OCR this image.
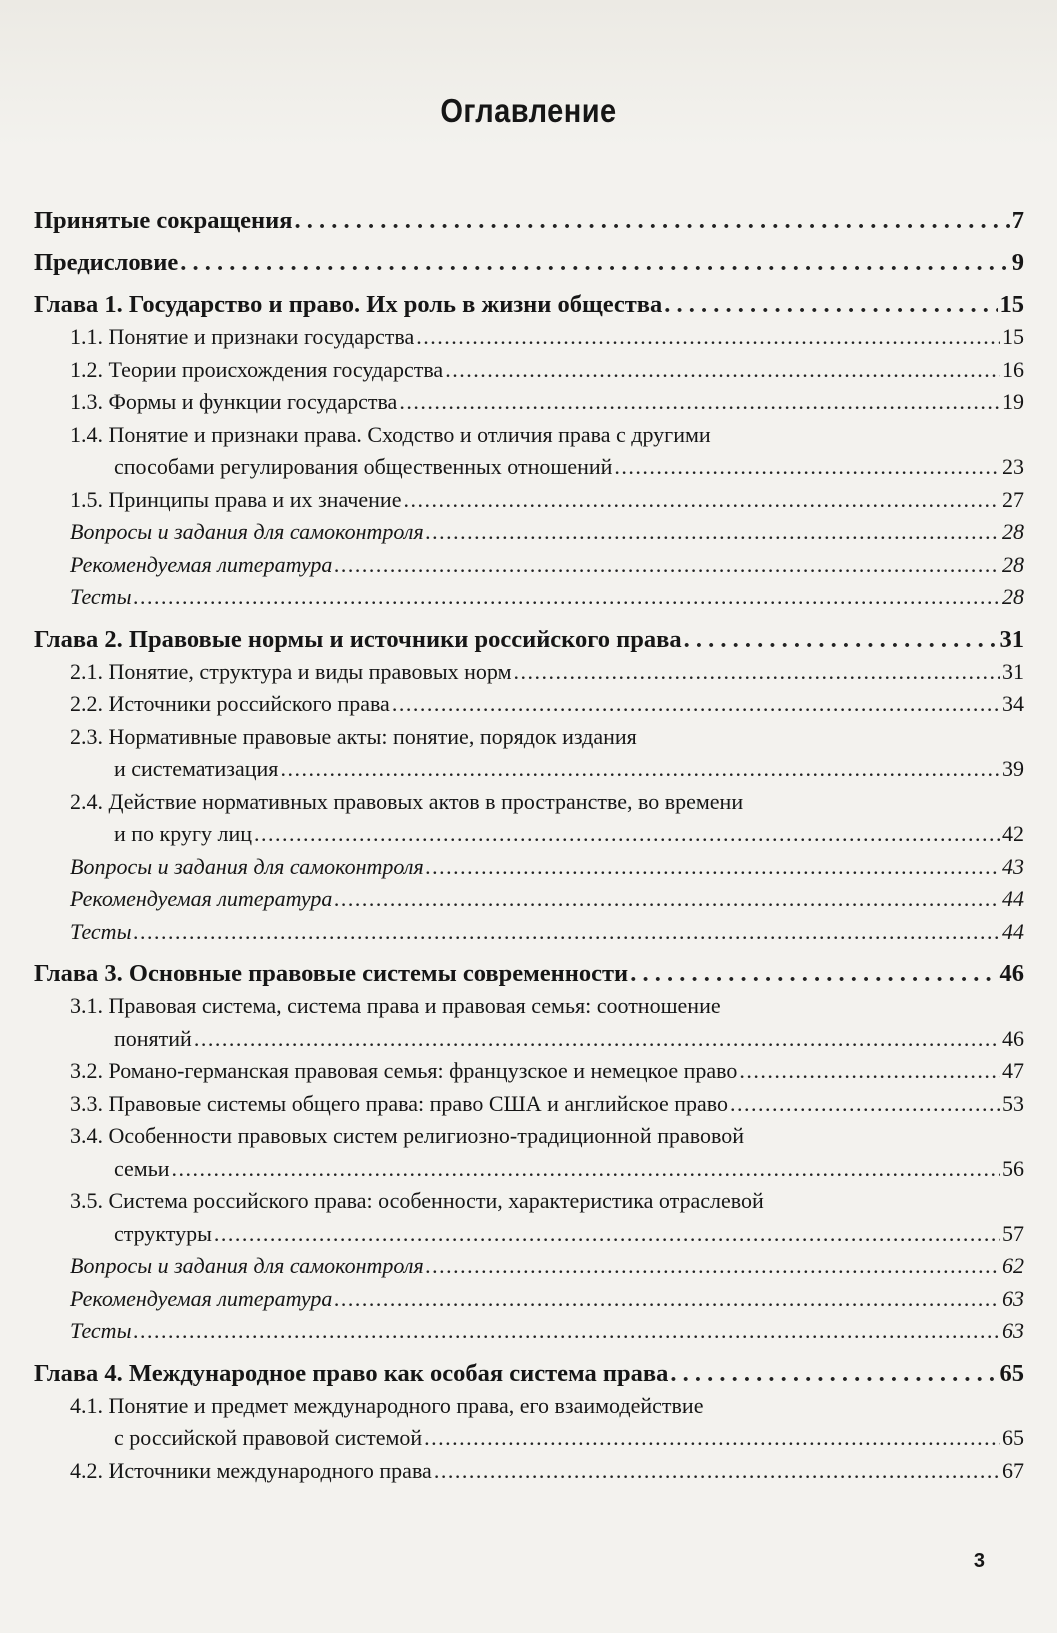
Оглавление
Принятые сокращения . . .	7
Предисловие . . .	9
Глава 1. Государство и право. Их роль в жизни общества . . .	15
1.1. Понятие и признаки государства . . .	15
1.2. Теории происхождения государства . . .	16
1.3. Формы и функции государства . . .	19
1.4. Понятие и признаки права. Сходство и отличия права с другими
способами регулирования общественных отношений . . .	23
1.5. Принципы права и их значение . . .	27
Вопросы и задания для самоконтроля . . .	28
Рекомендуемая литература . . .	28
Тесты . . .	28
Глава 2. Правовые нормы и источники российского права . . .	31
2.1. Понятие, структура и виды правовых норм . . .	31
2.2. Источники российского права . . .	34
2.3. Нормативные правовые акты: понятие, порядок издания
и систематизация . . .	39
2.4. Действие нормативных правовых актов в пространстве, во времени
и по кругу лиц . . .	42
Вопросы и задания для самоконтроля . . .	43
Рекомендуемая литература . . .	44
Тесты . . .	44
Глава 3. Основные правовые системы современности . . .	46
3.1. Правовая система, система права и правовая семья: соотношение
понятий . . .	46
3.2. Романо-германская правовая семья: французское и немецкое право . . .	47
3.3. Правовые системы общего права: право США и английское право . . .	53
3.4. Особенности правовых систем религиозно-традиционной правовой
семьи . . .	56
3.5. Система российского права: особенности, характеристика отраслевой
структуры . . .	57
Вопросы и задания для самоконтроля . . .	62
Рекомендуемая литература . . .	63
Тесты . . .	63
Глава 4. Международное право как особая система права . . .	65
4.1. Понятие и предмет международного права, его взаимодействие
с российской правовой системой . . .	65
4.2. Источники международного права . . .	67
3
